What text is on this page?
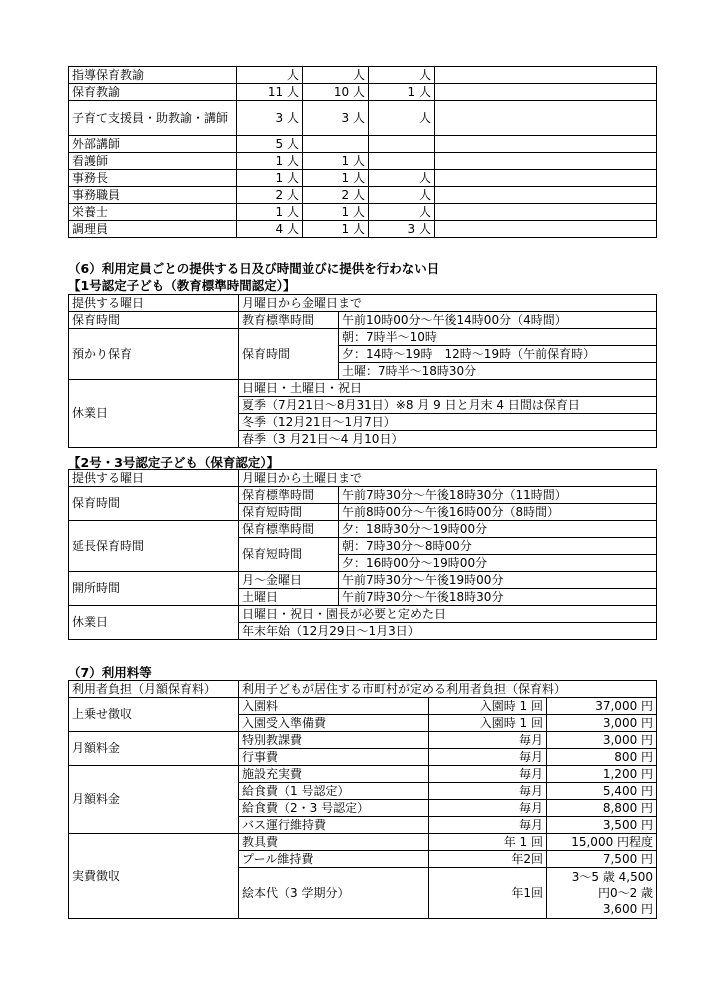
指導保育教諭	人	人	人	
保育教諭	11 人	10 人	1 人	
子育て支援員・助教諭・講師	3 人	3 人	人	
外部講師	5 人			
看護師	1 人	1 人		
事務長	1 人	1 人	人	
事務職員	2 人	2 人	人	
栄養士	1 人	1 人	人	
調理員	4 人	1 人	3 人	
（6）利用定員ごとの提供する日及び時間並びに提供を行わない日
【1号認定子ども（教育標準時間認定）】
提供する曜日	月曜日から金曜日まで	
保育時間	教育標準時間	午前10時00分～午後14時00分（4時間）
預かり保育	保育時間	朝：7時半～10時
		夕：14時～19時　12時～19時（午前保育時）
		土曜：7時半～18時30分
休業日	日曜日・土曜日・祝日	
	夏季（7月21日～8月31日）※8 月 9 日と月末 4 日間は保育日	
	冬季（12月21日～1月7日）	
	春季（3 月21日～4 月10日）	
【2号・3号認定子ども（保育認定）】
提供する曜日	月曜日から土曜日まで	
保育時間	保育標準時間	午前7時30分～午後18時30分（11時間）
	保育短時間	午前8時00分～午後16時00分（8時間）
延長保育時間	保育標準時間	夕：18時30分～19時00分
	保育短時間	朝：7時30分～8時00分
		夕：16時00分～19時00分
開所時間	月～金曜日	午前7時30分～午後19時00分
	土曜日	午前7時30分～午後18時30分
休業日	日曜日・祝日・園長が必要と定めた日	
	年末年始（12月29日～1月3日）	
（7）利用料等
利用者負担（月額保育料）	利用子どもが居住する市町村が定める利用者負担（保育料）		
上乗せ徴収	入園料	入園時 1 回	37,000 円
	入園受入準備費	入園時 1 回	3,000 円
月額料金	特別教課費	毎月	3,000 円
	行事費	毎月	800 円
月額料金	施設充実費	毎月	1,200 円
	給食費（1 号認定）	毎月	5,400 円
	給食費（2・3 号認定）	毎月	8,800 円
	バス運行維持費	毎月	3,500 円
実費徴収	教具費	年 1 回	15,000 円程度
	プール維持費	年2回	7,500 円
	絵本代（3 学期分）	年1回	3～5 歳 4,500
円0～2 歳
3,600 円
